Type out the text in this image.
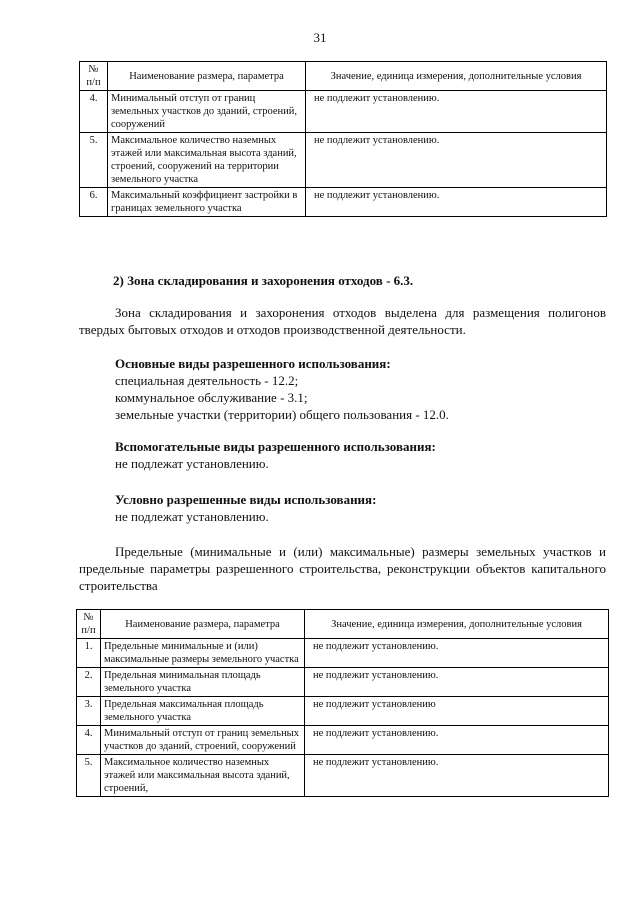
31
№ п/п	Наименование размера, параметра	Значение, единица измерения, дополнительные условия
4.	Минимальный отступ от границ земельных участков до зданий, строений, сооружений	не подлежит установлению.
5.	Максимальное количество наземных этажей или максимальная высота зданий, строений, сооружений на территории земельного участка	не подлежит установлению.
6.	Максимальный коэффициент застройки в границах земельного участка	не подлежит установлению.
2) Зона складирования и захоронения отходов - 6.3.
Зона складирования и захоронения отходов выделена для размещения полигонов твердых бытовых отходов и отходов производственной деятельности.
Основные виды разрешенного использования:
специальная деятельность - 12.2;
коммунальное обслуживание - 3.1;
земельные участки (территории) общего пользования - 12.0.
Вспомогательные виды разрешенного использования:
не подлежат установлению.
Условно разрешенные виды использования:
не подлежат установлению.
Предельные (минимальные и (или) максимальные) размеры земельных участков и предельные параметры разрешенного строительства, реконструкции объектов капитального строительства
№ п/п	Наименование размера, параметра	Значение, единица измерения, дополнительные условия
1.	Предельные минимальные и (или) максимальные размеры земельного участка	не подлежит установлению.
2.	Предельная минимальная площадь земельного участка	не подлежит установлению.
3.	Предельная максимальная площадь земельного участка	не подлежит установлению
4.	Минимальный отступ от границ земельных участков до зданий, строений, сооружений	не подлежит установлению.
5.	Максимальное количество наземных этажей или максимальная высота зданий, строений,	не подлежит установлению.
